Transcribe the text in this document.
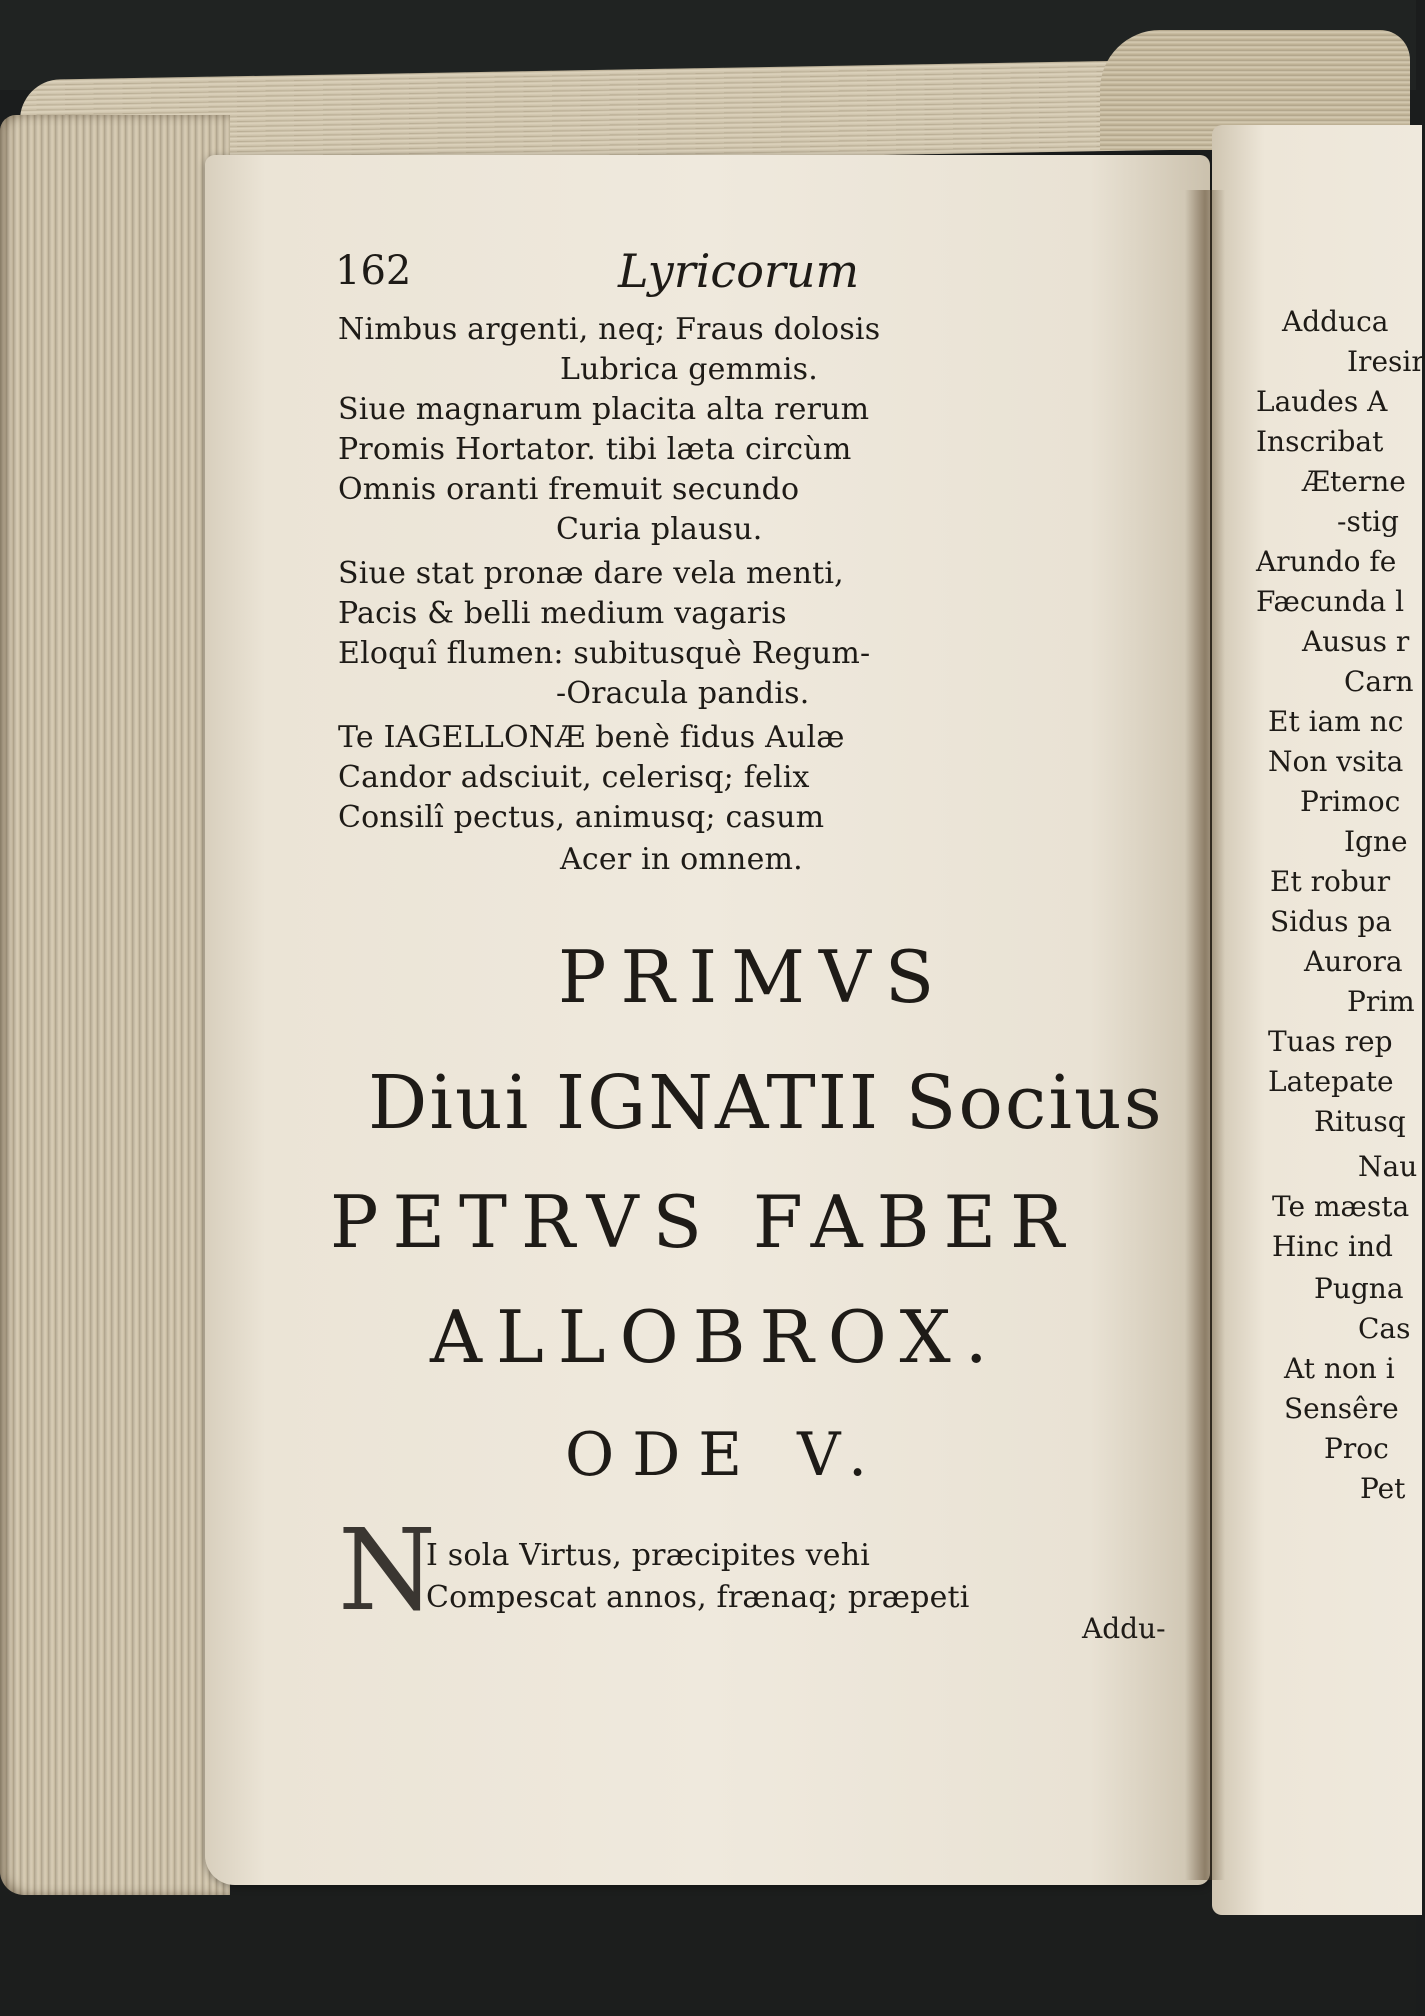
162	Lyricorum
Nimbus argenti, neq; Fraus dolosis
Lubrica gemmis.
Siue magnarum placita alta rerum
Promis Hortator. tibi læta circùm
Omnis oranti fremuit secundo
Curia plausu.
Siue stat pronæ dare vela menti,
Pacis & belli medium vagaris
Eloquî flumen: subitusquè Regum-
-Oracula pandis.
Te IAGELLONÆ benè fidus Aulæ
Candor adsciuit, celerisq; felix
Consilî pectus, animusq; casum
Acer in omnem.
PRIMVS
Diui IGNATII Socius
PETRVS FABER
ALLOBROX.
ODE V.
N
I sola Virtus, præcipites vehi
Compescat annos, frænaq; præpeti
Addu-
Adduca
Iresir
Laudes A
Inscribat
Æterne
-stig
Arundo fe
Fæcunda l
Ausus r
Carn
Et iam nc
Non vsita
Primoc
Igne
Et robur
Sidus pa
Aurora
Prim
Tuas rep
Latepate
Ritusq
Nau
Te mæsta
Hinc ind
Pugna
Cas
At non i
Sensêre
Proc
Pet
